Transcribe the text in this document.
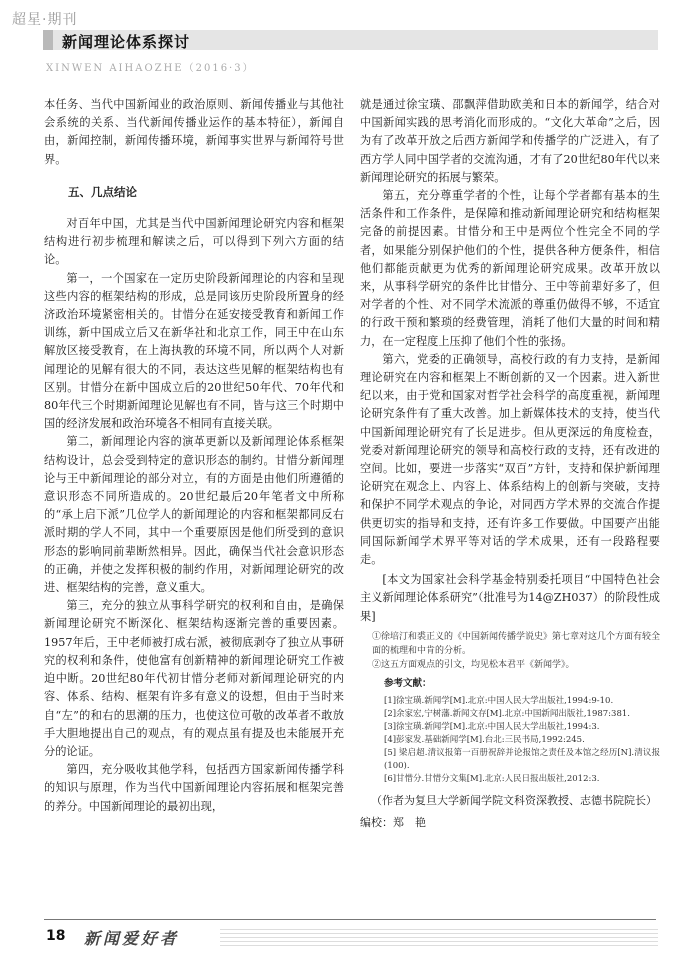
超星·期刊
新闻理论体系探讨
XINWEN AIHAOZHE（2016·3）

本任务、当代中国新闻业的政治原则、新闻传播业与其他社会系统的关系、当代新闻传播业运作的基本特征），新闻自由，新闻控制，新闻传播环境，新闻事实世界与新闻符号世界。

五、几点结论

对百年中国，尤其是当代中国新闻理论研究内容和框架结构进行初步梳理和解读之后，可以得到下列六方面的结论。

第一，一个国家在一定历史阶段新闻理论的内容和呈现这些内容的框架结构的形成，总是同该历史阶段所置身的经济政治环境紧密相关的。甘惜分在延安接受教育和新闻工作训练，新中国成立后又在新华社和北京工作，同王中在山东解放区接受教育，在上海执教的环境不同，所以两个人对新闻理论的见解有很大的不同，表达这些见解的框架结构也有区别。甘惜分在新中国成立后的20世纪50年代、70年代和80年代三个时期新闻理论见解也有不同，皆与这三个时期中国的经济发展和政治环境各不相同有直接关联。

第二，新闻理论内容的演革更新以及新闻理论体系框架结构设计，总会受到特定的意识形态的制约。甘惜分新闻理论与王中新闻理论的部分对立，有的方面是由他们所遵循的意识形态不同所造成的。20世纪最后20年笔者文中所称的“承上启下派”几位学人的新闻理论的内容和框架都同反右派时期的学人不同，其中一个重要原因是他们所受到的意识形态的影响同前辈断然相异。因此，确保当代社会意识形态的正确，并使之发挥积极的制约作用，对新闻理论研究的改进、框架结构的完善，意义重大。

第三，充分的独立从事科学研究的权利和自由，是确保新闻理论研究不断深化、框架结构逐渐完善的重要因素。1957年后，王中老师被打成右派，被彻底剥夺了独立从事研究的权利和条件，使他富有创新精神的新闻理论研究工作被迫中断。20世纪80年代初甘惜分老师对新闻理论研究的内容、体系、结构、框架有许多有意义的设想，但由于当时来自“左”的和右的思潮的压力，也使这位可敬的改革者不敢放手大胆地提出自己的观点，有的观点虽有提及也未能展开充分的论证。

第四，充分吸收其他学科，包括西方国家新闻传播学科的知识与原理，作为当代中国新闻理论内容拓展和框架完善的养分。中国新闻理论的最初出现，

就是通过徐宝璜、邵飘萍借助欧美和日本的新闻学，结合对中国新闻实践的思考消化而形成的。“文化大革命”之后，因为有了改革开放之后西方新闻学和传播学的广泛进入，有了西方学人同中国学者的交流沟通，才有了20世纪80年代以来新闻理论研究的拓展与繁荣。

第五，充分尊重学者的个性，让每个学者都有基本的生活条件和工作条件，是保障和推动新闻理论研究和结构框架完备的前提因素。甘惜分和王中是两位个性完全不同的学者，如果能分别保护他们的个性，提供各种方便条件，相信他们都能贡献更为优秀的新闻理论研究成果。改革开放以来，从事科学研究的条件比甘惜分、王中等前辈好多了，但对学者的个性、对不同学术流派的尊重仍做得不够，不适宜的行政干预和繁琐的经费管理，消耗了他们大量的时间和精力，在一定程度上压抑了他们个性的张扬。

第六，党委的正确领导，高校行政的有力支持，是新闻理论研究在内容和框架上不断创新的又一个因素。进入新世纪以来，由于党和国家对哲学社会科学的高度重视，新闻理论研究条件有了重大改善。加上新媒体技术的支持，使当代中国新闻理论研究有了长足进步。但从更深远的角度检查，党委对新闻理论研究的领导和高校行政的支持，还有改进的空间。比如，要进一步落实“双百”方针，支持和保护新闻理论研究在观念上、内容上、体系结构上的创新与突破，支持和保护不同学术观点的争论，对同西方学术界的交流合作提供更切实的指导和支持，还有许多工作要做。中国要产出能同国际新闻学术界平等对话的学术成果，还有一段路程要走。

[本文为国家社会科学基金特别委托项目“中国特色社会主义新闻理论体系研究”（批准号为14@ZH037）的阶段性成果]

①徐培汀和裘正义的《中国新闻传播学说史》第七章对这几个方面有较全面的梳理和中肯的分析。

②这五方面观点的引文，均见松本君平《新闻学》。

参考文献：

[1]徐宝璜.新闻学[M].北京:中国人民大学出版社,1994:9-10.

[2]余家宏,宁树藩.新闻文存[M].北京:中国新闻出版社,1987:381.

[3]徐宝璜.新闻学[M].北京:中国人民大学出版社,1994:3.

[4]彭家发.基础新闻学[M].台北:三民书局,1992:245.

[5] 梁启超.清议报第一百册祝辞并论报馆之责任及本馆之经历[N].清议报(100).

[6]甘惜分.甘惜分文集[M].北京:人民日报出版社,2012:3.

（作者为复旦大学新闻学院文科资深教授、志德书院院长）

编校：郑　艳

18 新闻爱好者
